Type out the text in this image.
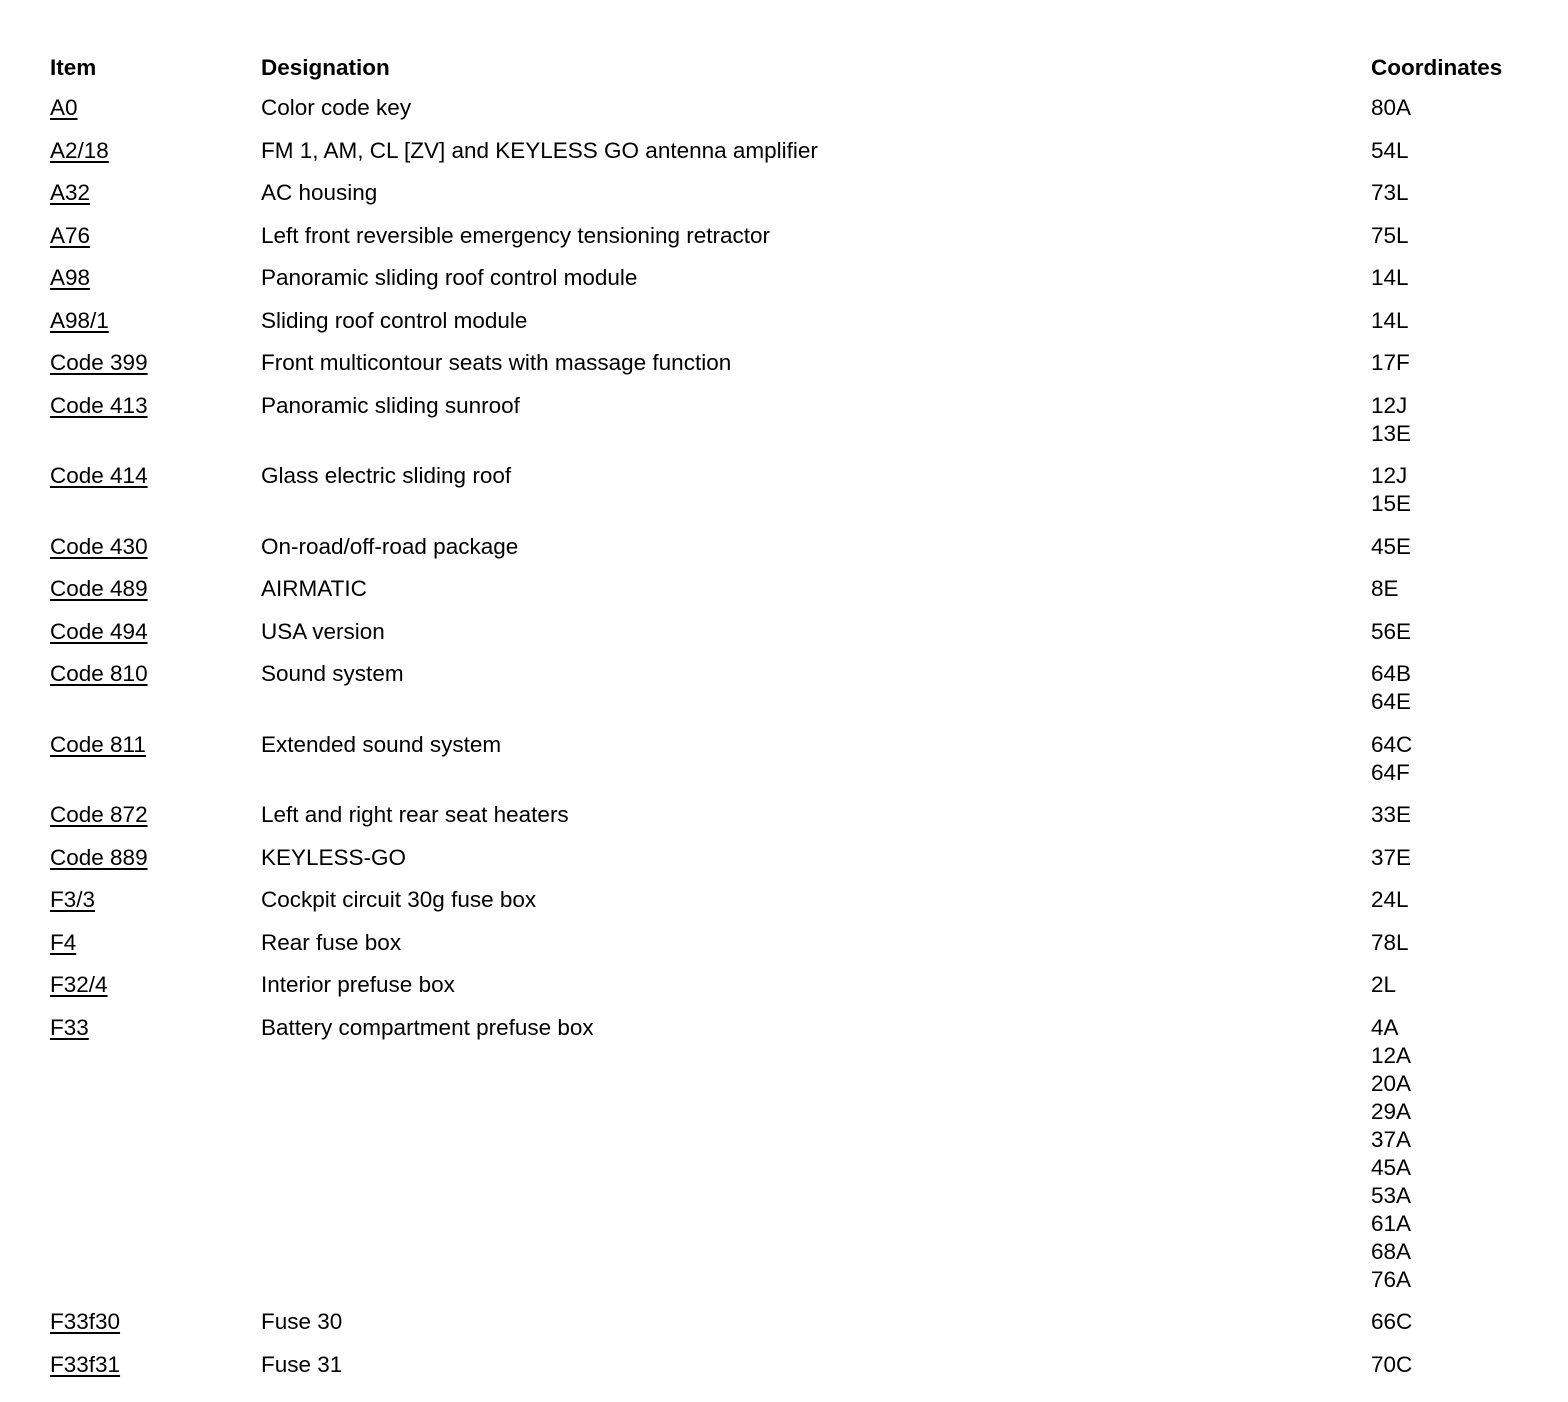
Item	Designation	Coordinates
A0	Color code key	80A
A2/18	FM 1, AM, CL [ZV] and KEYLESS GO antenna amplifier	54L
A32	AC housing	73L
A76	Left front reversible emergency tensioning retractor	75L
A98	Panoramic sliding roof control module	14L
A98/1	Sliding roof control module	14L
Code 399	Front multicontour seats with massage function	17F
Code 413	Panoramic sliding sunroof	12J
13E
Code 414	Glass electric sliding roof	12J
15E
Code 430	On-road/off-road package	45E
Code 489	AIRMATIC	8E
Code 494	USA version	56E
Code 810	Sound system	64B
64E
Code 811	Extended sound system	64C
64F
Code 872	Left and right rear seat heaters	33E
Code 889	KEYLESS-GO	37E
F3/3	Cockpit circuit 30g fuse box	24L
F4	Rear fuse box	78L
F32/4	Interior prefuse box	2L
F33	Battery compartment prefuse box	4A
12A
20A
29A
37A
45A
53A
61A
68A
76A
F33f30	Fuse 30	66C
F33f31	Fuse 31	70C
